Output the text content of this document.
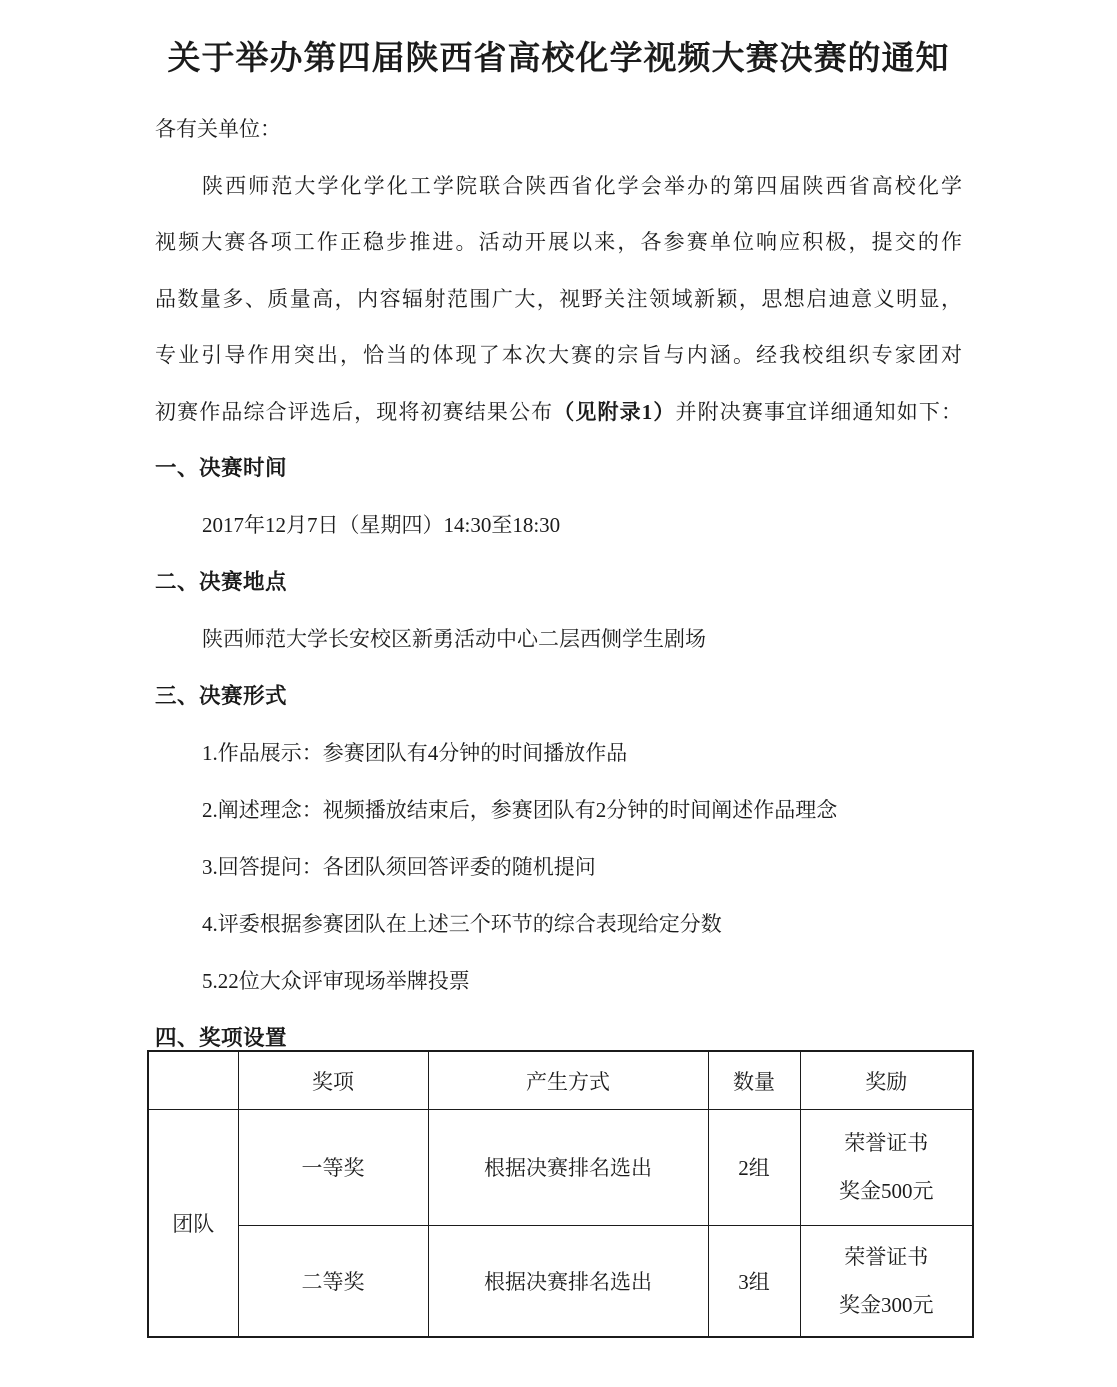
关于举办第四届陕西省高校化学视频大赛决赛的通知

各有关单位：

陕西师范大学化学化工学院联合陕西省化学会举办的第四届陕西省高校化学
视频大赛各项工作正稳步推进。活动开展以来，各参赛单位响应积极，提交的作
品数量多、质量高，内容辐射范围广大，视野关注领域新颖，思想启迪意义明显，
专业引导作用突出，恰当的体现了本次大赛的宗旨与内涵。经我校组织专家团对
初赛作品综合评选后，现将初赛结果公布（见附录1）并附决赛事宜详细通知如下：
一、决赛时间

2017年12月7日（星期四）14:30至18:30

二、决赛地点

陕西师范大学长安校区新勇活动中心二层西侧学生剧场

三、决赛形式

1.作品展示：参赛团队有4分钟的时间播放作品

2.阐述理念：视频播放结束后，参赛团队有2分钟的时间阐述作品理念

3.回答提问：各团队须回答评委的随机提问

4.评委根据参赛团队在上述三个环节的综合表现给定分数

5.22位大众评审现场举牌投票

四、奖项设置
	奖项	产生方式	数量	奖励
团队	一等奖	根据决赛排名选出	2组	荣誉证书
奖金500元

	二等奖	根据决赛排名选出	3组	荣誉证书
奖金300元
